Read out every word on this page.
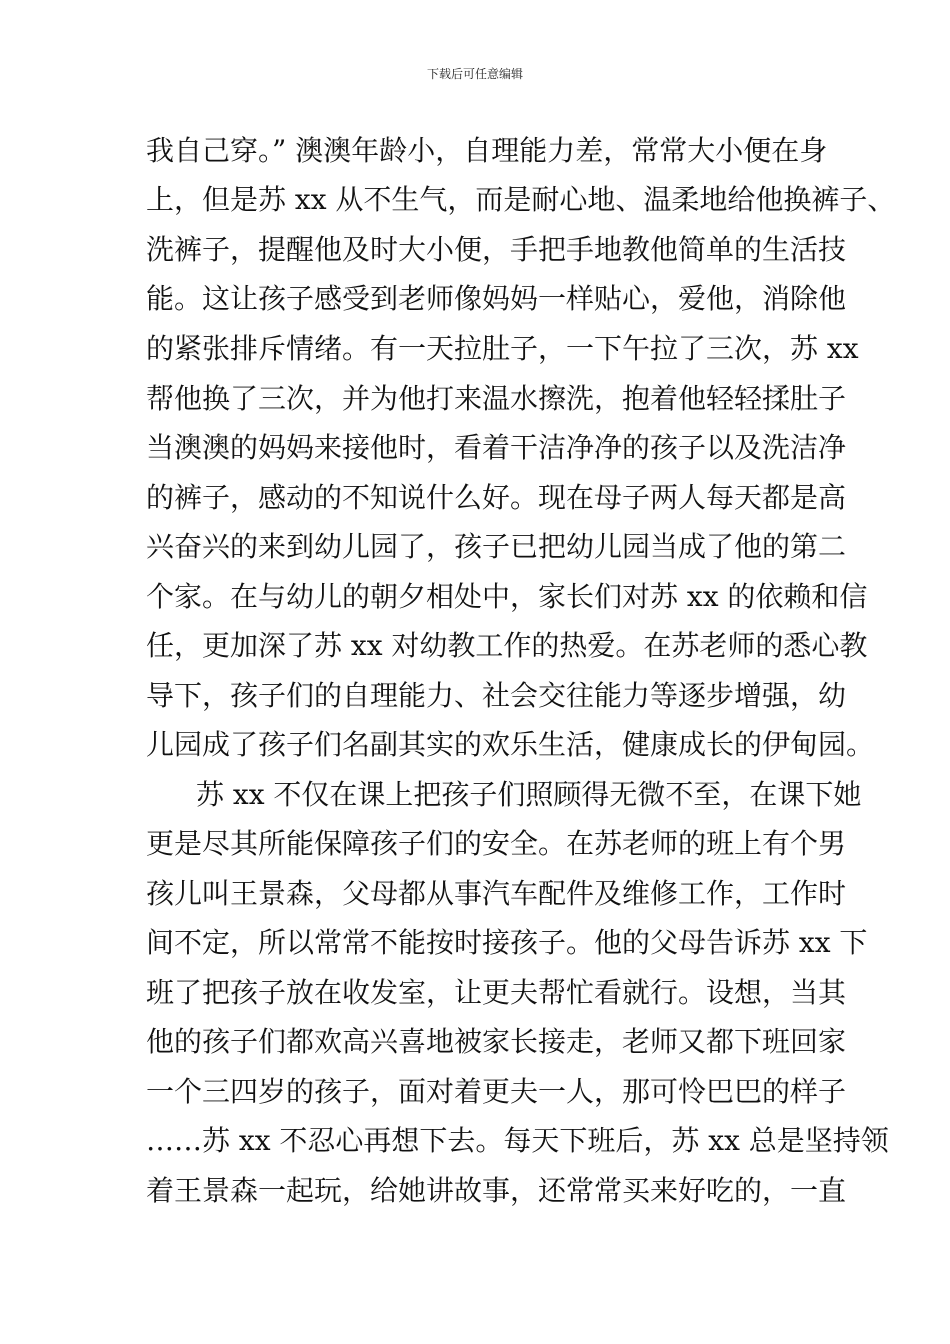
下载后可任意编辑
我自己穿。” 澳澳年龄小，自理能力差，常常大小便在身
上，但是苏 xx 从不生气，而是耐心地、温柔地给他换裤子、
洗裤子，提醒他及时大小便，手把手地教他简单的生活技
能。这让孩子感受到老师像妈妈一样贴心，爱他，消除他
的紧张排斥情绪。有一天拉肚子，一下午拉了三次，苏 xx
帮他换了三次，并为他打来温水擦洗，抱着他轻轻揉肚子
当澳澳的妈妈来接他时，看着干洁净净的孩子以及洗洁净
的裤子，感动的不知说什么好。现在母子两人每天都是高
兴奋兴的来到幼儿园了，孩子已把幼儿园当成了他的第二
个家。在与幼儿的朝夕相处中，家长们对苏 xx 的依赖和信
任，更加深了苏 xx 对幼教工作的热爱。在苏老师的悉心教
导下，孩子们的自理能力、社会交往能力等逐步增强，幼
儿园成了孩子们名副其实的欢乐生活，健康成长的伊甸园。
苏 xx 不仅在课上把孩子们照顾得无微不至，在课下她
更是尽其所能保障孩子们的安全。在苏老师的班上有个男
孩儿叫王景森，父母都从事汽车配件及维修工作，工作时
间不定，所以常常不能按时接孩子。他的父母告诉苏 xx 下
班了把孩子放在收发室，让更夫帮忙看就行。设想，当其
他的孩子们都欢高兴喜地被家长接走，老师又都下班回家
一个三四岁的孩子，面对着更夫一人，那可怜巴巴的样子
……苏 xx 不忍心再想下去。每天下班后，苏 xx 总是坚持领
着王景森一起玩，给她讲故事，还常常买来好吃的，一直
